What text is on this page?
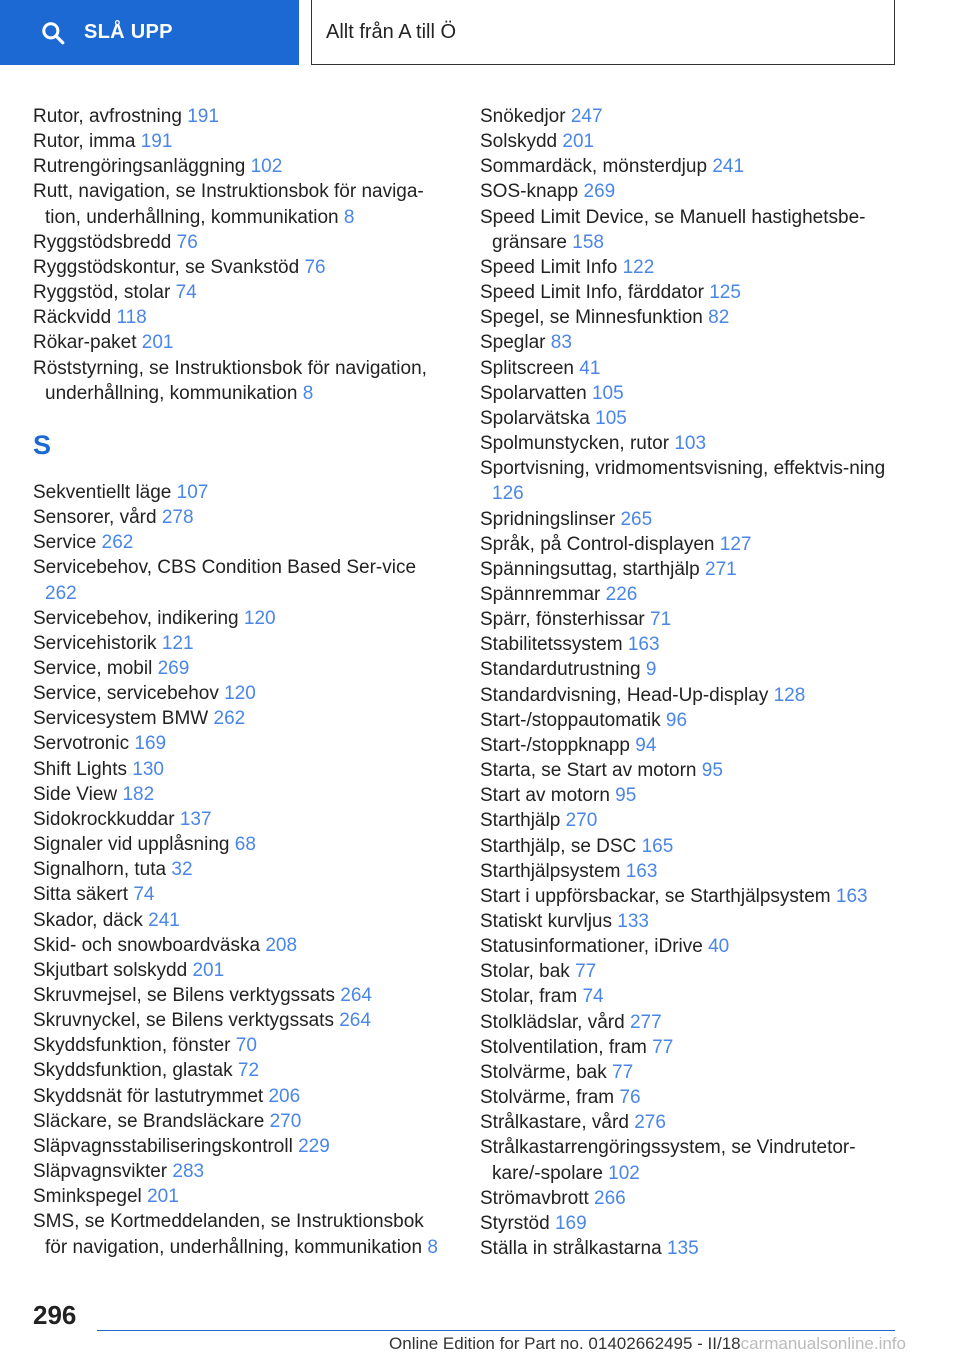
SLÅ UPP	Allt från A till Ö
Rutor, avfrostning 191
Rutor, imma 191
Rutrengöringsanläggning 102
Rutt, navigation, se Instruktionsbok för naviga-tion, underhållning, kommunikation 8
Ryggstödsbredd 76
Ryggstödskontur, se Svankstöd 76
Ryggstöd, stolar 74
Räckvidd 118
Rökar-paket 201
Röststyrning, se Instruktionsbok för navigation, underhållning, kommunikation 8
S
Sekventiellt läge 107
Sensorer, vård 278
Service 262
Servicebehov, CBS Condition Based Ser-vice 262
Servicebehov, indikering 120
Servicehistorik 121
Service, mobil 269
Service, servicebehov 120
Servicesystem BMW 262
Servotronic 169
Shift Lights 130
Side View 182
Sidokrockkuddar 137
Signaler vid upplåsning 68
Signalhorn, tuta 32
Sitta säkert 74
Skador, däck 241
Skid- och snowboardväska 208
Skjutbart solskydd 201
Skruvmejsel, se Bilens verktygssats 264
Skruvnyckel, se Bilens verktygssats 264
Skyddsfunktion, fönster 70
Skyddsfunktion, glastak 72
Skyddsnät för lastutrymmet 206
Släckare, se Brandsläckare 270
Släpvagnsstabiliseringskontroll 229
Släpvagnsvikter 283
Sminkspegel 201
SMS, se Kortmeddelanden, se Instruktionsbok för navigation, underhållning, kommunikation 8
Snökedjor 247
Solskydd 201
Sommardäck, mönsterdjup 241
SOS-knapp 269
Speed Limit Device, se Manuell hastighetsbe-gränsare 158
Speed Limit Info 122
Speed Limit Info, färddator 125
Spegel, se Minnesfunktion 82
Speglar 83
Splitscreen 41
Spolarvatten 105
Spolarvätska 105
Spolmunstycken, rutor 103
Sportvisning, vridmomentsvisning, effektvis-ning 126
Spridningslinser 265
Språk, på Control-displayen 127
Spänningsuttag, starthjälp 271
Spännremmar 226
Spärr, fönsterhissar 71
Stabilitetssystem 163
Standardutrustning 9
Standardvisning, Head-Up-display 128
Start-/stoppautomatik 96
Start-/stoppknapp 94
Starta, se Start av motorn 95
Start av motorn 95
Starthjälp 270
Starthjälp, se DSC 165
Starthjälpsystem 163
Start i uppförsbackar, se Starthjälpsystem 163
Statiskt kurvljus 133
Statusinformationer, iDrive 40
Stolar, bak 77
Stolar, fram 74
Stolklädslar, vård 277
Stolventilation, fram 77
Stolvärme, bak 77
Stolvärme, fram 76
Strålkastare, vård 276
Strålkastarrengöringssystem, se Vindrutetor-kare/-spolare 102
Strömavbrott 266
Styrstöd 169
Ställa in strålkastarna 135
296
Online Edition for Part no. 01402662495 - II/18carmanualsonline.info
